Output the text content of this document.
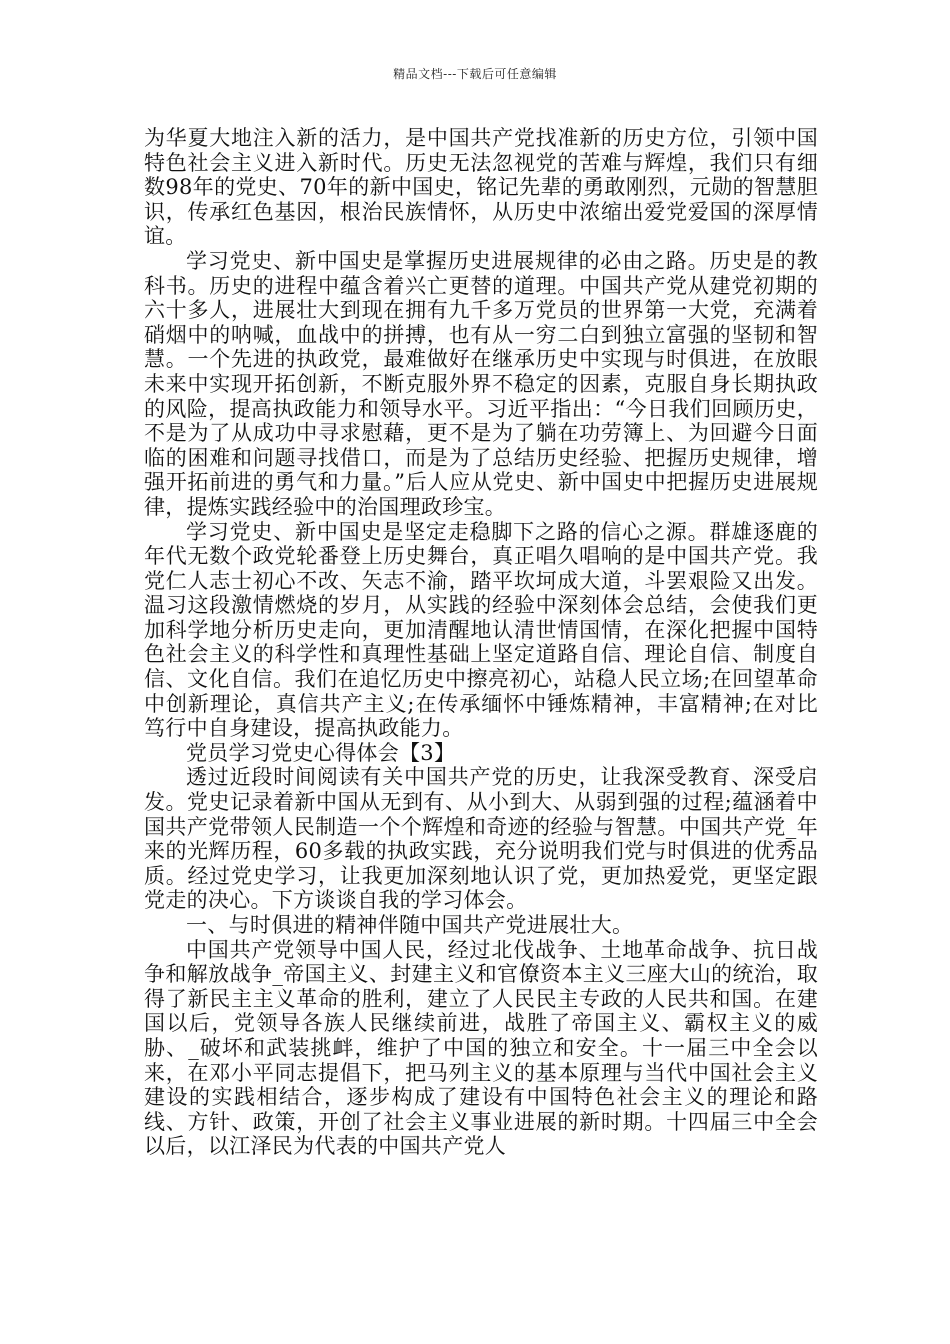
精品文档---下载后可任意编辑

为华夏大地注入新的活力，是中国共产党找准新的历史方位，引领中国特色社会主义进入新时代。历史无法忽视党的苦难与辉煌，我们只有细数98年的党史、70年的新中国史，铭记先辈的勇敢刚烈，元勋的智慧胆识，传承红色基因，根治民族情怀，从历史中浓缩出爱党爱国的深厚情谊。

学习党史、新中国史是掌握历史进展规律的必由之路。历史是的教科书。历史的进程中蕴含着兴亡更替的道理。中国共产党从建党初期的六十多人，进展壮大到现在拥有九千多万党员的世界第一大党，充满着硝烟中的呐喊，血战中的拼搏，也有从一穷二白到独立富强的坚韧和智慧。一个先进的执政党，最难做好在继承历史中实现与时俱进，在放眼未来中实现开拓创新，不断克服外界不稳定的因素，克服自身长期执政的风险，提高执政能力和领导水平。习近平指出：“今日我们回顾历史，不是为了从成功中寻求慰藉，更不是为了躺在功劳簿上、为回避今日面临的困难和问题寻找借口，而是为了总结历史经验、把握历史规律，增强开拓前进的勇气和力量。”后人应从党史、新中国史中把握历史进展规律，提炼实践经验中的治国理政珍宝。

学习党史、新中国史是坚定走稳脚下之路的信心之源。群雄逐鹿的年代无数个政党轮番登上历史舞台，真正唱久唱响的是中国共产党。我党仁人志士初心不改、矢志不渝，踏平坎坷成大道，斗罢艰险又出发。温习这段激情燃烧的岁月，从实践的经验中深刻体会总结，会使我们更加科学地分析历史走向，更加清醒地认清世情国情，在深化把握中国特色社会主义的科学性和真理性基础上坚定道路自信、理论自信、制度自信、文化自信。我们在追忆历史中擦亮初心，站稳人民立场;在回望革命中创新理论，真信共产主义;在传承缅怀中锤炼精神，丰富精神;在对比笃行中自身建设，提高执政能力。

党员学习党史心得体会【3】

透过近段时间阅读有关中国共产党的历史，让我深受教育、深受启发。党史记录着新中国从无到有、从小到大、从弱到强的过程;蕴涵着中国共产党带领人民制造一个个辉煌和奇迹的经验与智慧。中国共产党_年来的光辉历程，60多载的执政实践，充分说明我们党与时俱进的优秀品质。经过党史学习，让我更加深刻地认识了党，更加热爱党，更坚定跟党走的决心。下方谈谈自我的学习体会。

一、与时俱进的精神伴随中国共产党进展壮大。

中国共产党领导中国人民，经过北伐战争、土地革命战争、抗日战争和解放战争_帝国主义、封建主义和官僚资本主义三座大山的统治，取得了新民主主义革命的胜利，建立了人民民主专政的人民共和国。在建国以后，党领导各族人民继续前进，战胜了帝国主义、霸权主义的威胁、_破坏和武装挑衅，维护了中国的独立和安全。十一届三中全会以来，在邓小平同志提倡下，把马列主义的基本原理与当代中国社会主义建设的实践相结合，逐步构成了建设有中国特色社会主义的理论和路线、方针、政策，开创了社会主义事业进展的新时期。十四届三中全会以后，以江泽民为代表的中国共产党人
